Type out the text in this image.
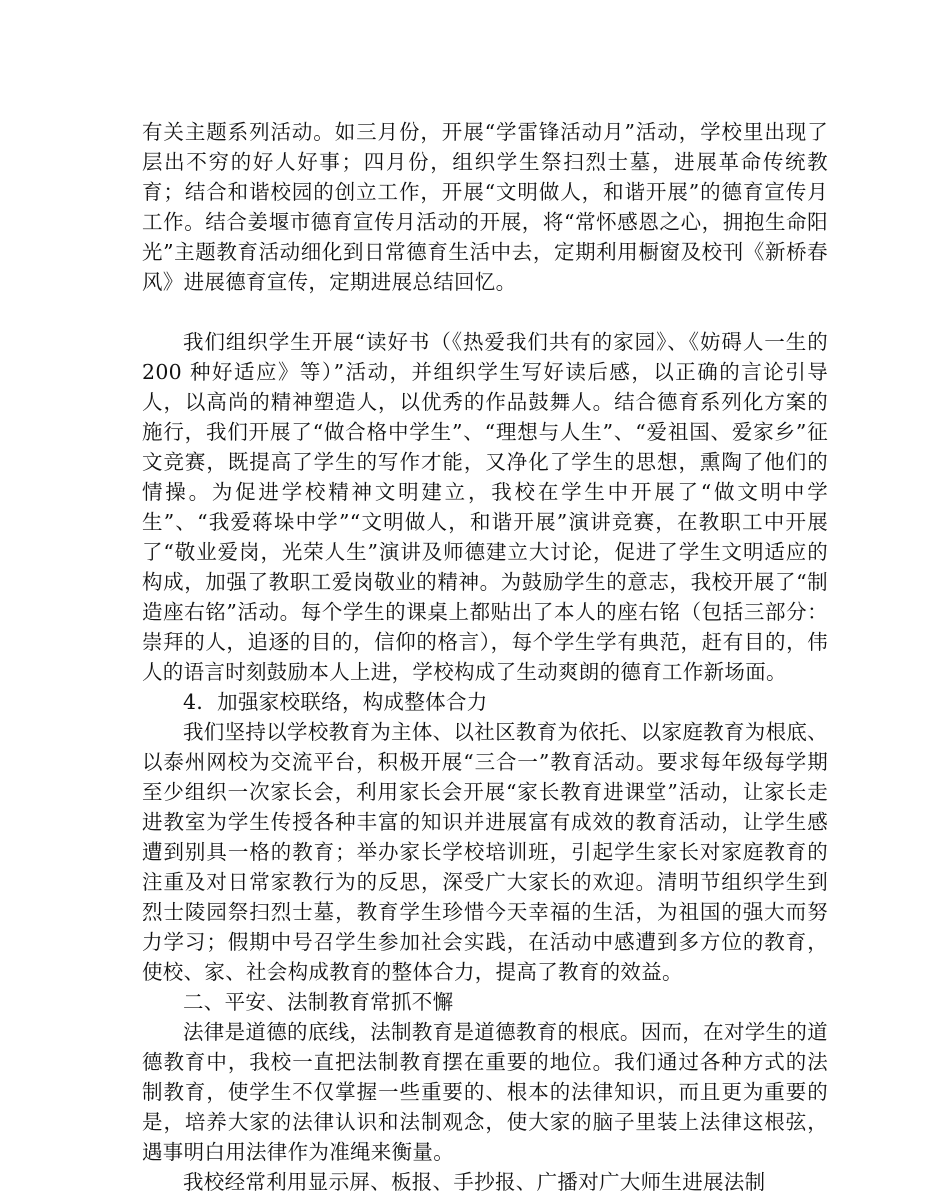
有关主题系列活动。如三月份，开展“学雷锋活动月”活动，学校里出现了层出不穷的好人好事；四月份，组织学生祭扫烈士墓，进展革命传统教育；结合和谐校园的创立工作，开展“文明做人，和谐开展”的德育宣传月工作。结合姜堰市德育宣传月活动的开展，将“常怀感恩之心，拥抱生命阳光”主题教育活动细化到日常德育生活中去，定期利用橱窗及校刊《新桥春风》进展德育宣传，定期进展总结回忆。

我们组织学生开展“读好书（《热爱我们共有的家园》、《妨碍人一生的 200 种好适应》等）”活动，并组织学生写好读后感，以正确的言论引导人，以高尚的精神塑造人，以优秀的作品鼓舞人。结合德育系列化方案的施行，我们开展了“做合格中学生”、“理想与人生”、“爱祖国、爱家乡”征文竞赛，既提高了学生的写作才能，又净化了学生的思想，熏陶了他们的情操。为促进学校精神文明建立，我校在学生中开展了“做文明中学生”、“我爱蒋垛中学”“文明做人，和谐开展”演讲竞赛，在教职工中开展了“敬业爱岗，光荣人生”演讲及师德建立大讨论，促进了学生文明适应的构成，加强了教职工爱岗敬业的精神。为鼓励学生的意志，我校开展了“制造座右铭”活动。每个学生的课桌上都贴出了本人的座右铭（包括三部分：崇拜的人，追逐的目的，信仰的格言），每个学生学有典范，赶有目的，伟人的语言时刻鼓励本人上进，学校构成了生动爽朗的德育工作新场面。

4．加强家校联络，构成整体合力

我们坚持以学校教育为主体、以社区教育为依托、以家庭教育为根底、以泰州网校为交流平台，积极开展“三合一”教育活动。要求每年级每学期至少组织一次家长会，利用家长会开展“家长教育进课堂”活动，让家长走进教室为学生传授各种丰富的知识并进展富有成效的教育活动，让学生感遭到别具一格的教育；举办家长学校培训班，引起学生家长对家庭教育的注重及对日常家教行为的反思，深受广大家长的欢迎。清明节组织学生到烈士陵园祭扫烈士墓，教育学生珍惜今天幸福的生活，为祖国的强大而努力学习；假期中号召学生参加社会实践，在活动中感遭到多方位的教育，使校、家、社会构成教育的整体合力，提高了教育的效益。

二、平安、法制教育常抓不懈

法律是道德的底线，法制教育是道德教育的根底。因而，在对学生的道德教育中，我校一直把法制教育摆在重要的地位。我们通过各种方式的法制教育，使学生不仅掌握一些重要的、根本的法律知识，而且更为重要的是，培养大家的法律认识和法制观念，使大家的脑子里装上法律这根弦，遇事明白用法律作为准绳来衡量。

我校经常利用显示屏、板报、手抄报、广播对广大师生进展法制
